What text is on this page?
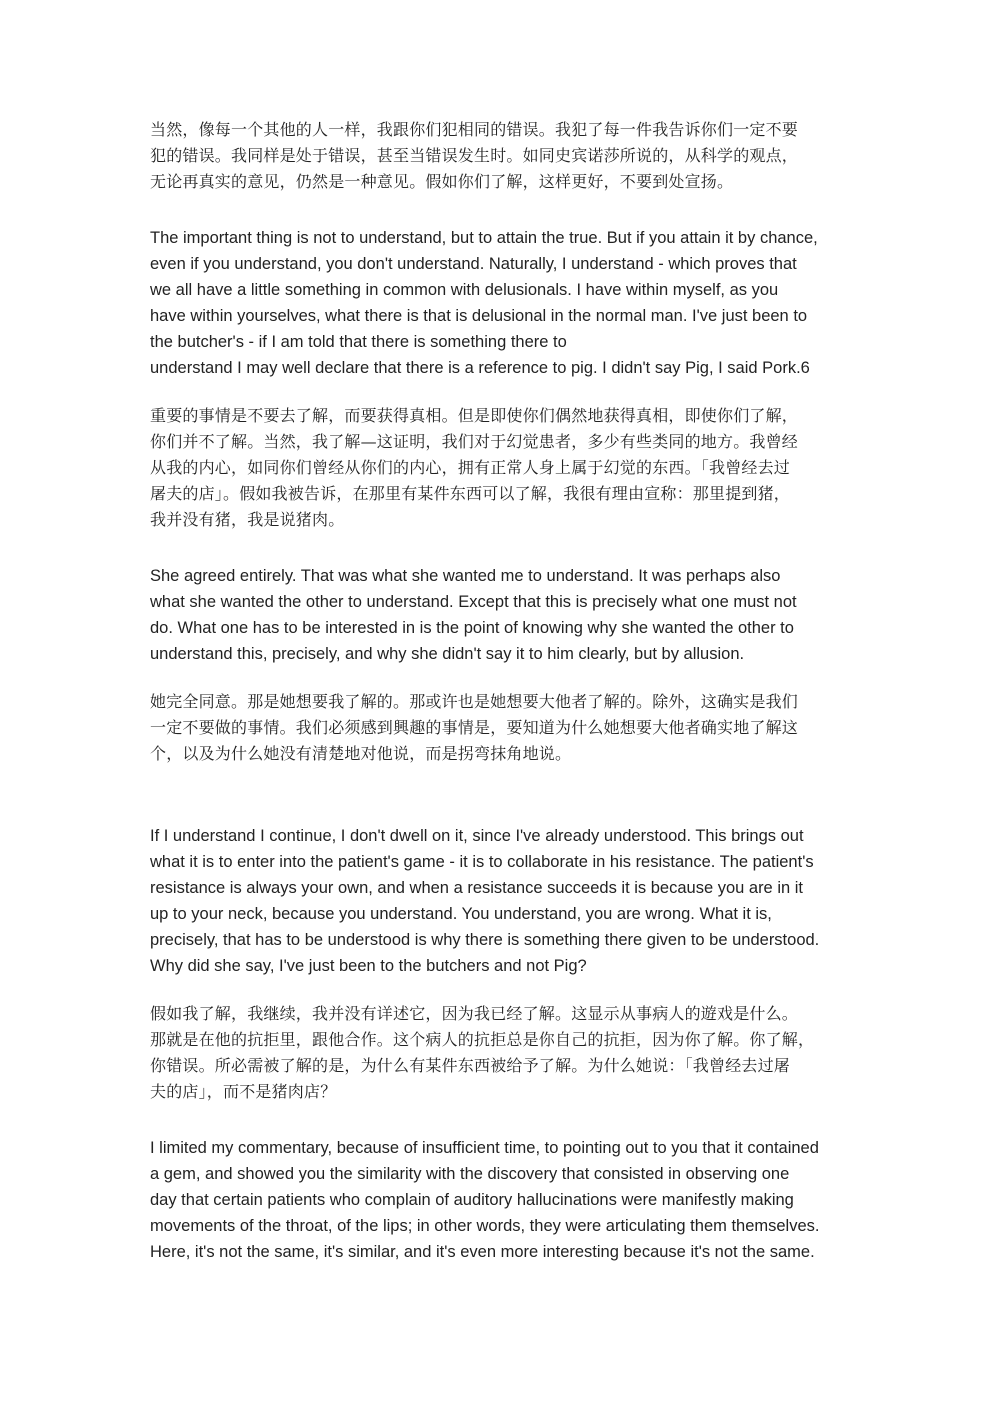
当然，像每一个其他的人一样，我跟你们犯相同的错误。我犯了每一件我告诉你们一定不要
犯的错误。我同样是处于错误，甚至当错误发生时。如同史宾诺莎所说的，从科学的观点，
无论再真实的意见，仍然是一种意见。假如你们了解，这样更好，不要到处宣扬。

The important thing is not to understand, but to attain the true. But if you attain it by chance,
even if you understand, you don't understand. Naturally, I understand - which proves that
we all have a little something in common with delusionals. I have within myself, as you
have within yourselves, what there is that is delusional in the normal man. I've just been to
the butcher's - if I am told that there is something there to
understand I may well declare that there is a reference to pig. I didn't say Pig, I said Pork.6

重要的事情是不要去了解，而要获得真相。但是即使你们偶然地获得真相，即使你们了解，
你们并不了解。当然，我了解—这证明，我们对于幻觉患者，多少有些类同的地方。我曾经
从我的内心，如同你们曾经从你们的内心，拥有正常人身上属于幻觉的东西。「我曾经去过
屠夫的店」。假如我被告诉，在那里有某件东西可以了解，我很有理由宣称：那里提到猪，
我并没有猪，我是说猪肉。

She agreed entirely. That was what she wanted me to understand. It was perhaps also
what she wanted the other to understand. Except that this is precisely what one must not
do. What one has to be interested in is the point of knowing why she wanted the other to
understand this, precisely, and why she didn't say it to him clearly, but by allusion.

她完全同意。那是她想要我了解的。那或许也是她想要大他者了解的。除外，这确实是我们
一定不要做的事情。我们必须感到興趣的事情是，要知道为什么她想要大他者确实地了解这
个，以及为什么她没有清楚地对他说，而是拐弯抹角地说。

If I understand I continue, I don't dwell on it, since I've already understood. This brings out
what it is to enter into the patient's game - it is to collaborate in his resistance. The patient's
resistance is always your own, and when a resistance succeeds it is because you are in it
up to your neck, because you understand. You understand, you are wrong. What it is,
precisely, that has to be understood is why there is something there given to be understood.
Why did she say, I've just been to the butchers and not Pig?

假如我了解，我继续，我并没有详述它，因为我已经了解。这显示从事病人的遊戏是什么。
那就是在他的抗拒里，跟他合作。这个病人的抗拒总是你自己的抗拒，因为你了解。你了解，
你错误。所必需被了解的是，为什么有某件东西被给予了解。为什么她说：「我曾经去过屠
夫的店」，而不是猪肉店？

I limited my commentary, because of insufficient time, to pointing out to you that it contained
a gem, and showed you the similarity with the discovery that consisted in observing one
day that certain patients who complain of auditory hallucinations were manifestly making
movements of the throat, of the lips; in other words, they were articulating them themselves.
Here, it's not the same, it's similar, and it's even more interesting because it's not the same.
